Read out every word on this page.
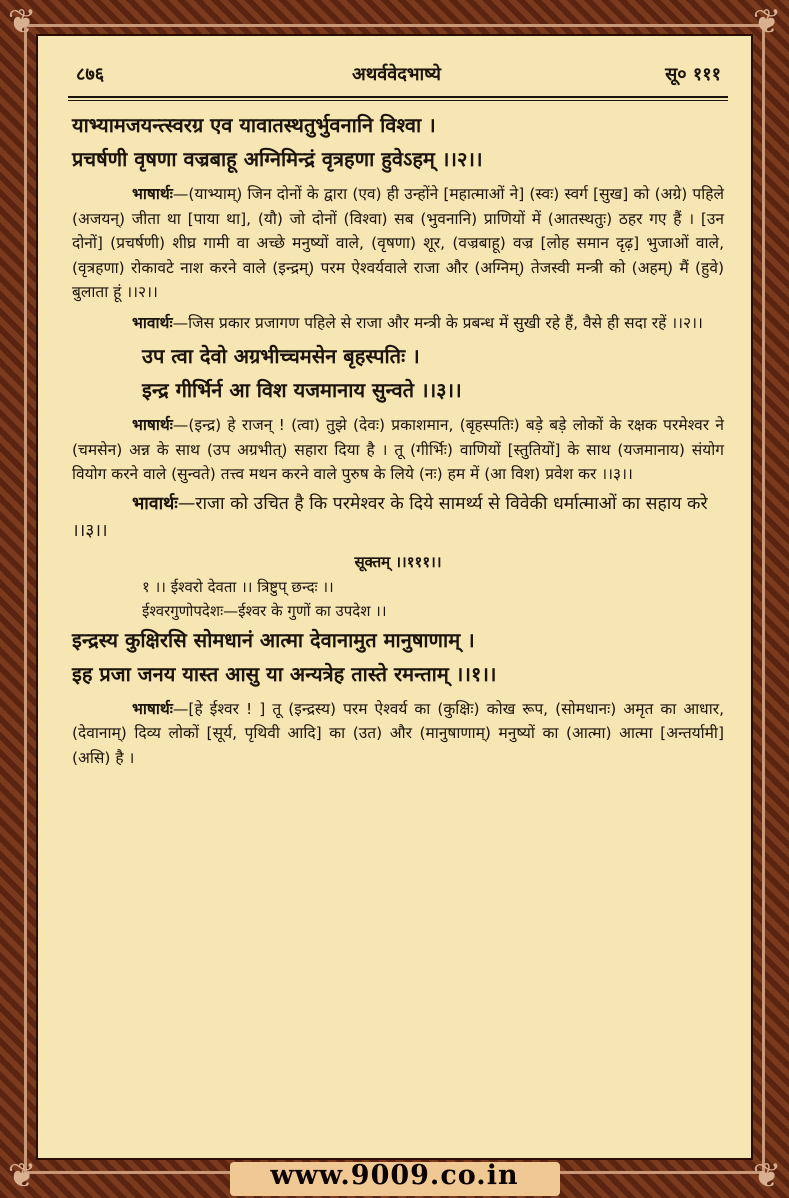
❦	❦
❦	❦
८७६	अथर्ववेदभाष्ये	सू० १११
याभ्यामजयन्त्स्वरग्र एव यावातस्थतुर्भुवनानि विश्वा ।
प्रचर्षणी वृषणा वज्रबाहू अग्निमिन्द्रं वृत्रहणा हुवेऽहम् ।।२।।
भाषार्थः—(याभ्याम्) जिन दोनों के द्वारा (एव) ही उन्होंने [महात्माओं ने] (स्वः) स्वर्ग [सुख] को (अग्रे) पहिले (अजयन्) जीता था [पाया था], (यौ) जो दोनों (विश्वा) सब (भुवनानि) प्राणियों में (आतस्थतुः) ठहर गए हैं । [उन दोनों] (प्रचर्षणी) शीघ्र गामी वा अच्छे मनुष्यों वाले, (वृषणा) शूर, (वज्रबाहू) वज्र [लोह समान दृढ़] भुजाओं वाले, (वृत्रहणा) रोकावटे नाश करने वाले (इन्द्रम्) परम ऐश्वर्यवाले राजा और (अग्निम्) तेजस्वी मन्त्री को (अहम्) मैं (हुवे) बुलाता हूं ।।२।।
भावार्थः—जिस प्रकार प्रजागण पहिले से राजा और मन्त्री के प्रबन्ध में सुखी रहे हैं, वैसे ही सदा रहें ।।२।।
उप त्वा देवो अग्रभीच्चमसेन बृहस्पतिः ।
इन्द्र गीर्भिर्न आ विश यजमानाय सुन्वते ।।३।।
भाषार्थः—(इन्द्र) हे राजन् ! (त्वा) तुझे (देवः) प्रकाशमान, (बृहस्पतिः) बड़े बड़े लोकों के रक्षक परमेश्वर ने (चमसेन) अन्न के साथ (उप अग्रभीत्) सहारा दिया है । तू (गीर्भिः) वाणियों [स्तुतियों] के साथ (यजमानाय) संयोग वियोग करने वाले (सुन्वते) तत्त्व मथन करने वाले पुरुष के लिये (नः) हम में (आ विश) प्रवेश कर ।।३।।
भावार्थः—राजा को उचित है कि परमेश्वर के दिये सामर्थ्य से विवेकी धर्मात्माओं का सहाय करे ।।३।।
सूक्तम् ।।१११।।
१ ।। ईश्वरो देवता ।। त्रिष्टुप् छन्दः ।।
ईश्वरगुणोपदेशः—ईश्वर के गुणों का उपदेश ।।
इन्द्रस्य कुक्षिरसि सोमधानं आत्मा देवानामुत मानुषाणाम् ।
इह प्रजा जनय यास्त आसु या अन्यत्रेह तास्ते रमन्ताम् ।।१।।
भाषार्थः—[हे ईश्वर ! ] तू (इन्द्रस्य) परम ऐश्वर्य का (कुक्षिः) कोख रूप, (सोमधानः) अमृत का आधार, (देवानाम्) दिव्य लोकों [सूर्य, पृथिवी आदि] का (उत) और (मानुषाणाम्) मनुष्यों का (आत्मा) आत्मा [अन्तर्यामी] (असि) है ।
www.9009.co.in
